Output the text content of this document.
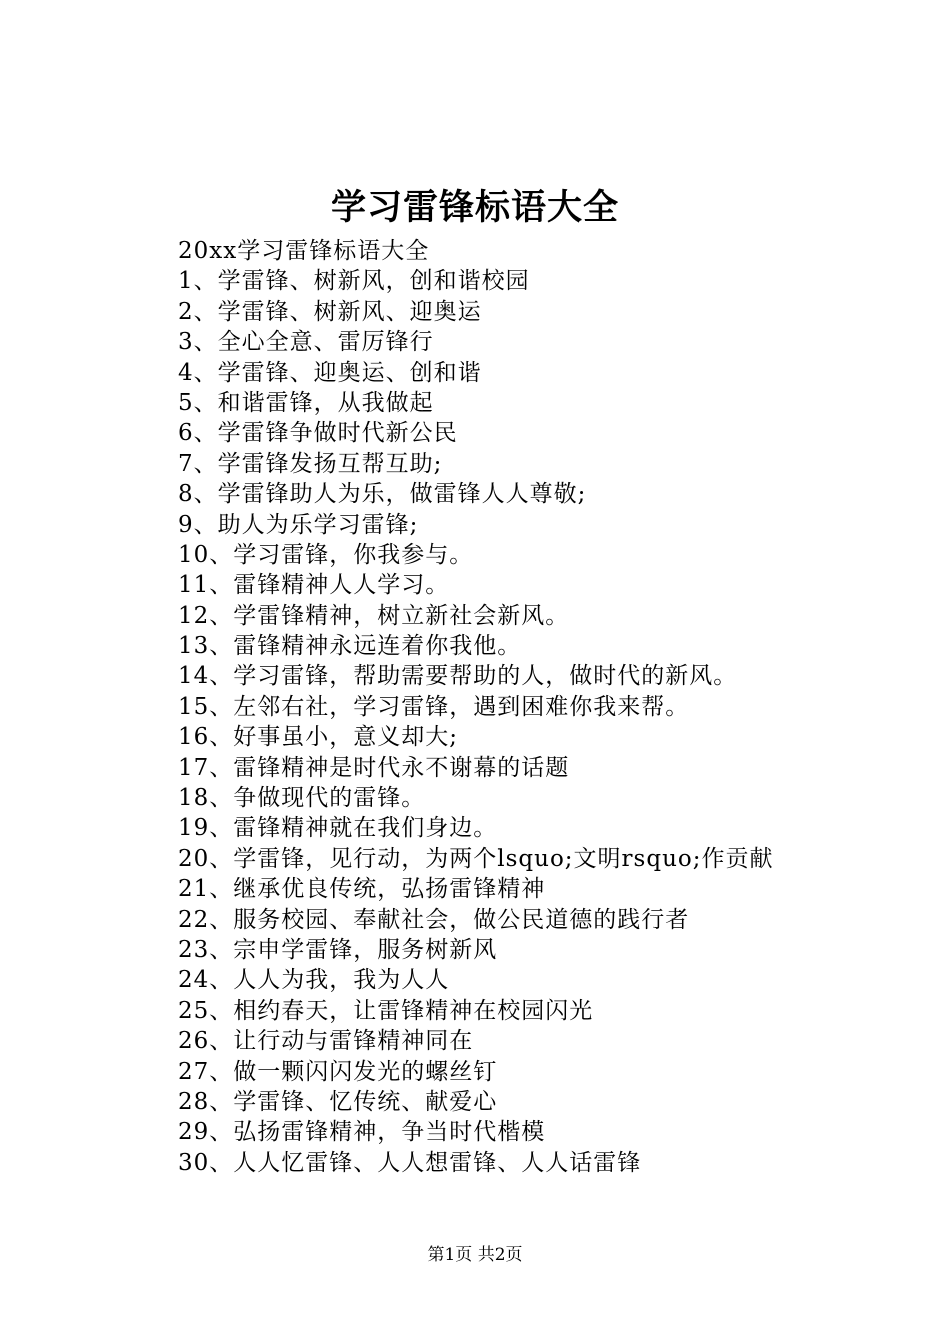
学习雷锋标语大全
20xx学习雷锋标语大全
1、学雷锋、树新风，创和谐校园
2、学雷锋、树新风、迎奥运
3、全心全意、雷厉锋行
4、学雷锋、迎奥运、创和谐
5、和谐雷锋，从我做起
6、学雷锋争做时代新公民
7、学雷锋发扬互帮互助;
8、学雷锋助人为乐，做雷锋人人尊敬;
9、助人为乐学习雷锋;
10、学习雷锋，你我参与。
11、雷锋精神人人学习。
12、学雷锋精神，树立新社会新风。
13、雷锋精神永远连着你我他。
14、学习雷锋，帮助需要帮助的人，做时代的新风。
15、左邻右社，学习雷锋，遇到困难你我来帮。
16、好事虽小，意义却大;
17、雷锋精神是时代永不谢幕的话题
18、争做现代的雷锋。
19、雷锋精神就在我们身边。
20、学雷锋，见行动，为两个lsquo;文明rsquo;作贡献
21、继承优良传统，弘扬雷锋精神
22、服务校园、奉献社会，做公民道德的践行者
23、宗申学雷锋，服务树新风
24、人人为我，我为人人
25、相约春天，让雷锋精神在校园闪光
26、让行动与雷锋精神同在
27、做一颗闪闪发光的螺丝钉
28、学雷锋、忆传统、献爱心
29、弘扬雷锋精神，争当时代楷模
30、人人忆雷锋、人人想雷锋、人人话雷锋
第1页 共2页
